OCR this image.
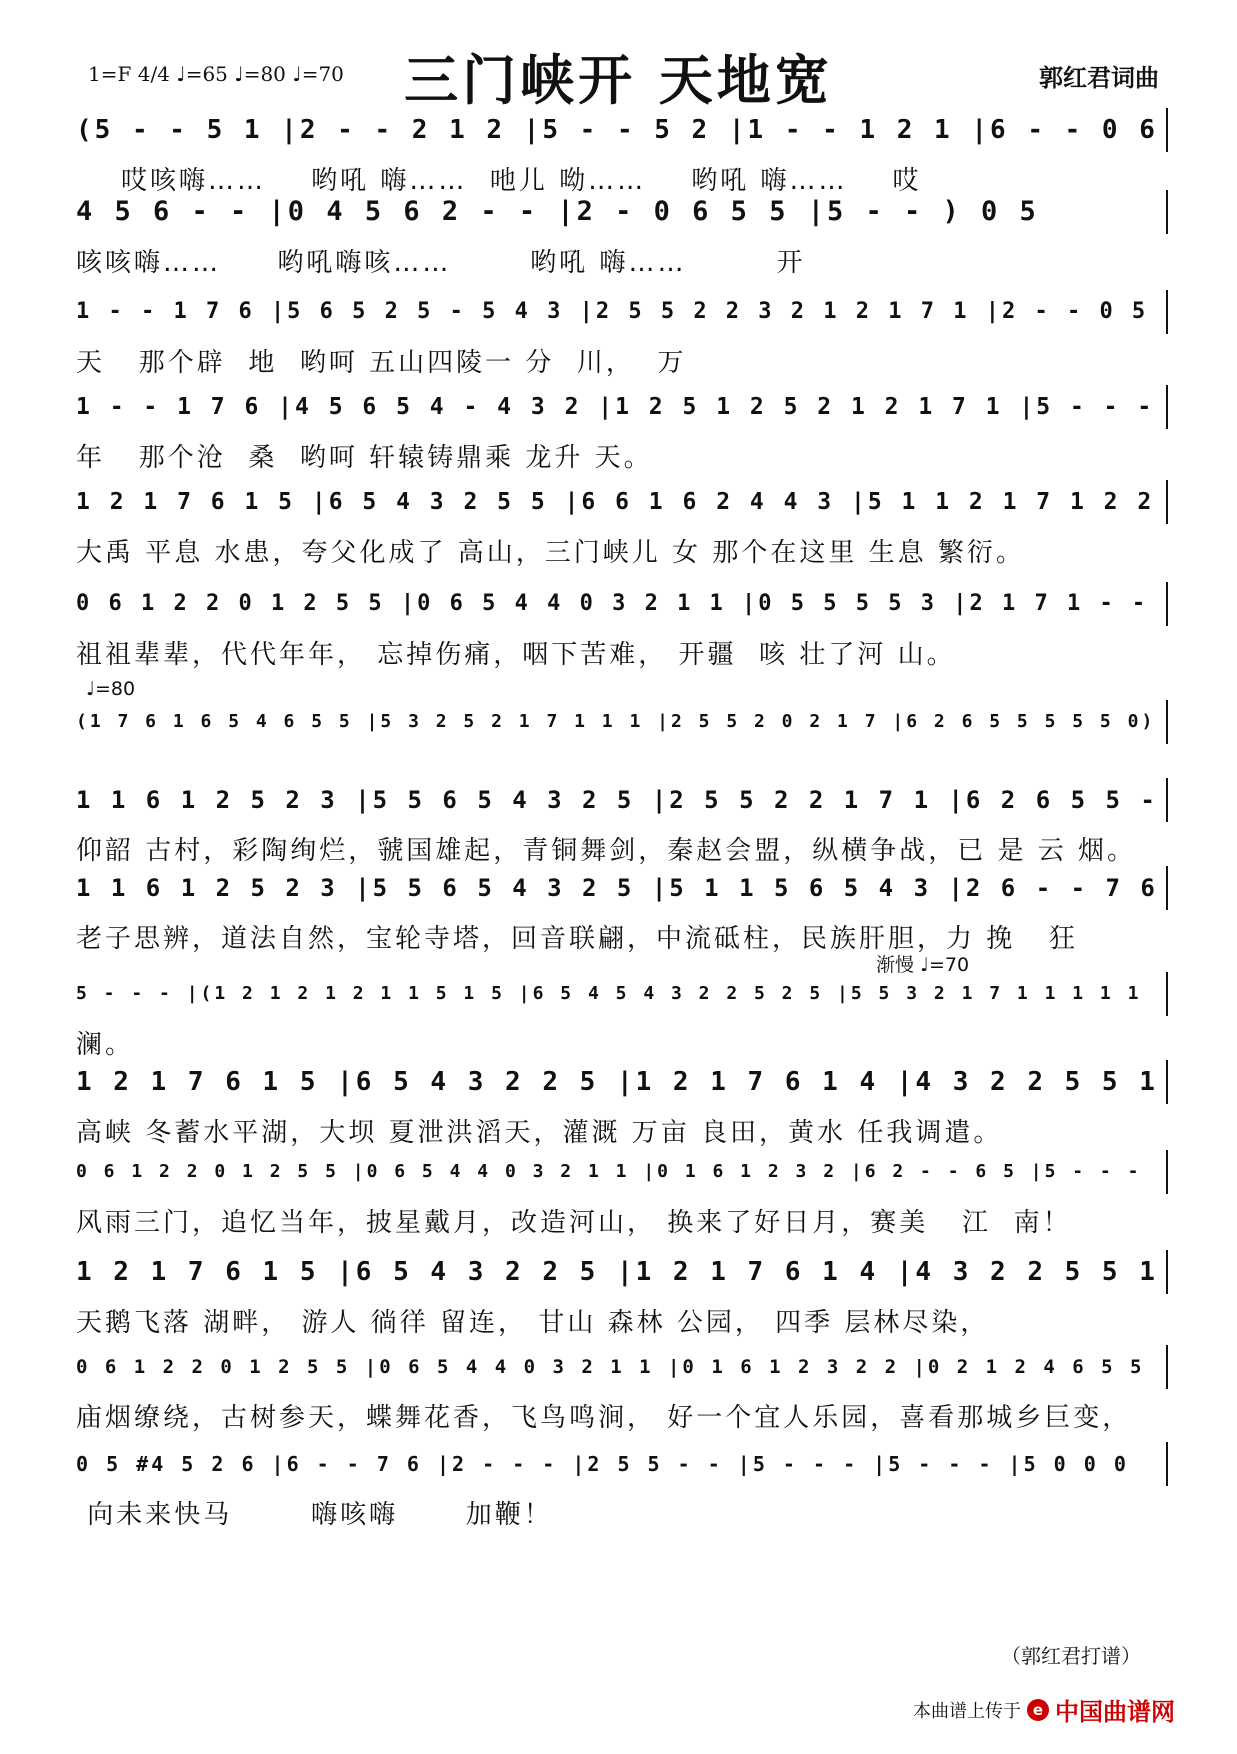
1=F 4/4 ♩=65 ♩=80 ♩=70	三门峡开 天地宽	郭红君词曲
(5 - - 5 1 |2 - - 2 1 2 |5 - - 5 2 |1 - - 1 2 1 |6 - - 0 6
哎咳嗨……    哟吼 嗨……  吔儿 呦……    哟吼 嗨……    哎
4 5 6 - - |0 4 5 6 2 - - |2 - 0 6 5 5 |5 - - ) 0 5
咳咳嗨……     哟吼嗨咳……       哟吼 嗨……        开
1 - - 1 7 6 |5 6 5 2 5 - 5 4 3 |2 5 5 2 2 3 2 1 2 1 7 1 |2 - - 0 5
天   那个辟  地  哟呵 五山四陵一 分  川，  万
1 - - 1 7 6 |4 5 6 5 4 - 4 3 2 |1 2 5 1 2 5 2 1 2 1 7 1 |5 - - -
年   那个沧  桑  哟呵 轩辕铸鼎乘 龙升 天。
1 2 1 7 6 1 5 |6 5 4 3 2 5 5 |6 6 1 6 2 4 4 3 |5 1 1 2 1 7 1 2 2
大禹 平息 水患，夸父化成了 高山，三门峡儿 女 那个在这里 生息 繁衍。
0 6 1 2 2 0 1 2 5 5 |0 6 5 4 4 0 3 2 1 1 |0 5 5 5 5 3 |2 1 7 1 - -
祖祖辈辈，代代年年， 忘掉伤痛，咽下苦难， 开疆  咳 壮了河 山。
♩=80
(1 7 6 1 6 5 4 6 5 5 |5 3 2 5 2 1 7 1 1 1 |2 5 5 2 0 2 1 7 |6 2 6 5 5 5 5 5 0)
1 1 6 1 2 5 2 3 |5 5 6 5 4 3 2 5 |2 5 5 2 2 1 7 1 |6 2 6 5 5 -
仰韶 古村，彩陶绚烂，虢国雄起，青铜舞剑，秦赵会盟，纵横争战，已 是 云 烟。
1 1 6 1 2 5 2 3 |5 5 6 5 4 3 2 5 |5 1 1 5 6 5 4 3 |2 6 - - 7 6
老子思辨，道法自然，宝轮寺塔，回音联翩，中流砥柱，民族肝胆，力 挽   狂
渐慢 ♩=70
5 - - - |(1 2 1 2 1 2 1 1 5 1 5 |6 5 4 5 4 3 2 2 5 2 5 |5 5 3 2 1 7 1 1 1 1 1
澜。
1 2 1 7 6 1 5 |6 5 4 3 2 2 5 |1 2 1 7 6 1 4 |4 3 2 2 5 5 1
高峡 冬蓄水平湖，大坝 夏泄洪滔天，灌溉 万亩 良田，黄水 任我调遣。
0 6 1 2 2 0 1 2 5 5 |0 6 5 4 4 0 3 2 1 1 |0 1 6 1 2 3 2 |6 2 - - 6 5 |5 - - -
风雨三门，追忆当年，披星戴月，改造河山， 换来了好日月，赛美   江  南！
1 2 1 7 6 1 5 |6 5 4 3 2 2 5 |1 2 1 7 6 1 4 |4 3 2 2 5 5 1
天鹅飞落 湖畔， 游人 徜徉 留连， 甘山 森林 公园， 四季 层林尽染，
0 6 1 2 2 0 1 2 5 5 |0 6 5 4 4 0 3 2 1 1 |0 1 6 1 2 3 2 2 |0 2 1 2 4 6 5 5
庙烟缭绕，古树参天，蝶舞花香，飞鸟鸣涧， 好一个宜人乐园，喜看那城乡巨变，
0 5 #4 5 2 6 |6 - - 7 6 |2 - - - |2 5 5 - - |5 - - - |5 - - - |5 0 0 0
向未来快马       嗨咳嗨      加鞭！
（郭红君打谱）
本曲谱上传于 e 中国曲谱网
